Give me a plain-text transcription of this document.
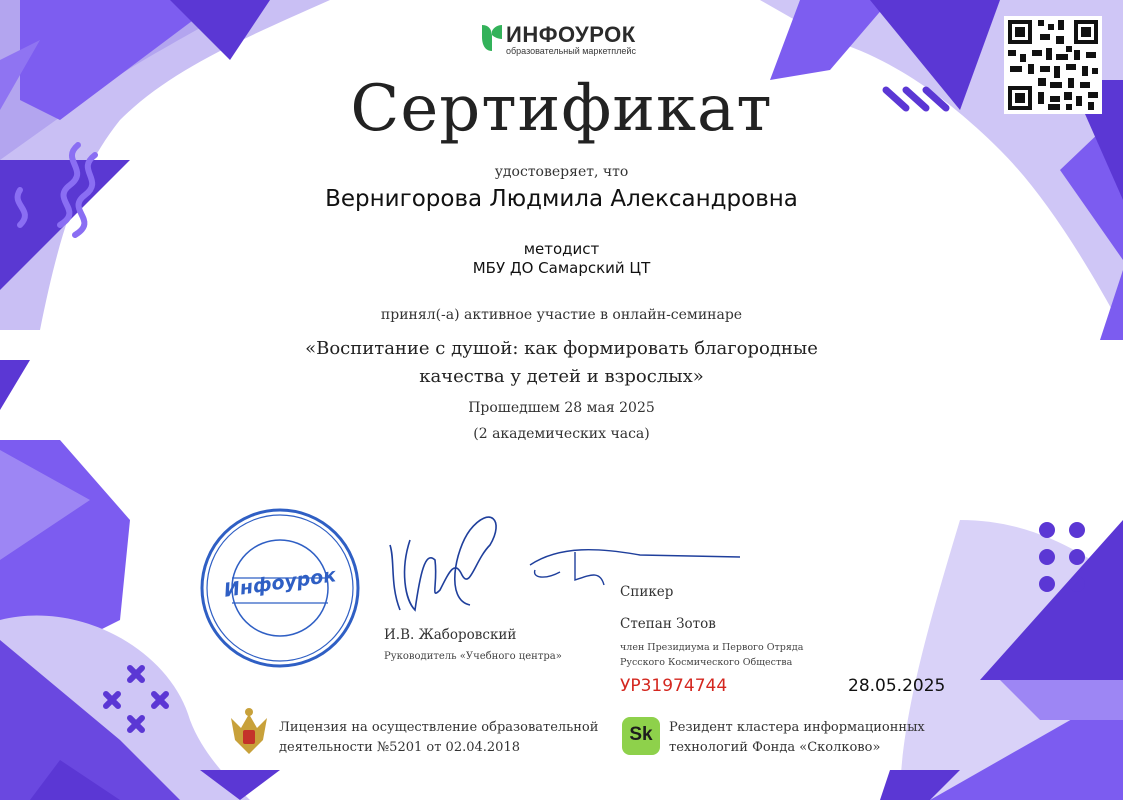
ИНФОУРОК
образовательный маркетплейс
Сертификат
удостоверяет, что
Вернигорова Людмила Александровна
методист
МБУ ДО Самарский ЦТ
принял(-а) активное участие в онлайн-семинаре
«Воспитание с душой: как формировать благородные
качества у детей и взрослых»
Прошедшем 28 мая 2025
(2 академических часа)
Инфоурок
И.В. Жаборовский
Руководитель «Учебного центра»
Спикер
Степан Зотов
член Президиума и Первого Отряда
Русского Космического Общества
УР31974744	28.05.2025
Лицензия на осуществление образовательной
деятельности №5201 от 02.04.2018
Sk	Резидент кластера информационных
технологий Фонда «Сколково»
